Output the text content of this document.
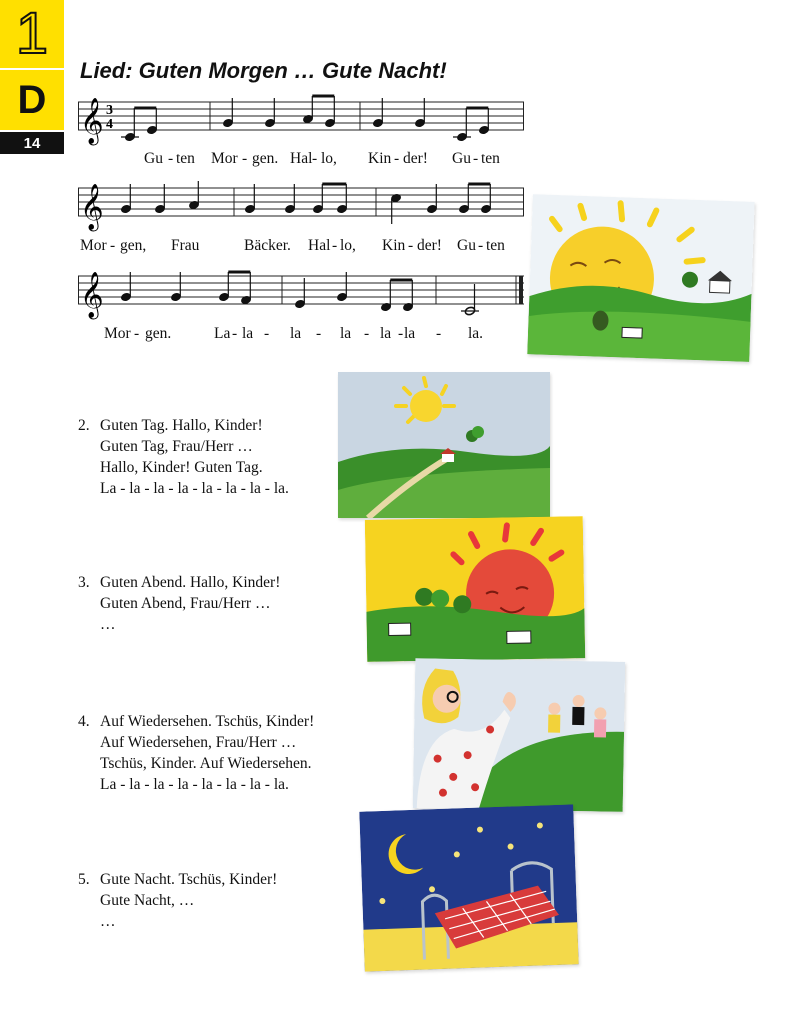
1
D
14
Lied: Guten Morgen … Gute Nacht!
𝄞 3
4
Gu - ten Mor - gen. Hal - lo, Kin - der! Gu - ten
𝄞
Mor - gen, Frau	Bäcker. Hal - lo, Kin - der! Gu - ten
𝄞
Mor - gen.	La - la - la - la - la - la - la.
2. Guten Tag. Hallo, Kinder!
Guten Tag, Frau/Herr …
Hallo, Kinder! Guten Tag.
La - la - la - la - la - la - la - la.
3. Guten Abend. Hallo, Kinder!
Guten Abend, Frau/Herr …
…
4. Auf Wiedersehen. Tschüs, Kinder!
Auf Wiedersehen, Frau/Herr …
Tschüs, Kinder. Auf Wiedersehen.
La - la - la - la - la - la - la - la.
5. Gute Nacht. Tschüs, Kinder!
Gute Nacht, …
…
